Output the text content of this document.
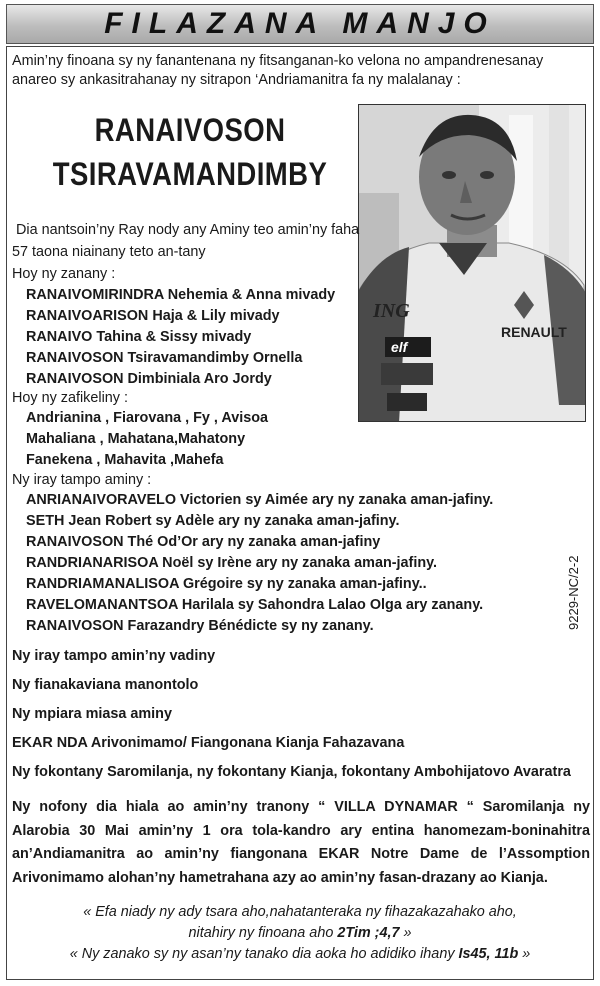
FILAZANA MANJO
Amin’ny finoana sy ny fanantenana ny fitsanganan-ko velona no ampandrenesanay anareo sy ankasitrahanay ny sitrapon ‘Andriamanitra fa ny malalanay :
RANAIVOSON
TSIRAVAMANDIMBY
ING
elf
RENAULT
Dia nantsoin’ny Ray nody any Aminy teo amin’ny faha
57 taona niainany teto an-tany
Hoy ny zanany :
RANAIVOMIRINDRA Nehemia & Anna mivady
RANAIVOARISON Haja & Lily mivady
RANAIVO Tahina & Sissy mivady
RANAIVOSON Tsiravamandimby Ornella
RANAIVOSON Dimbiniala Aro Jordy
Hoy ny zafikeliny :
Andrianina , Fiarovana , Fy , Avisoa
Mahaliana , Mahatana,Mahatony
Fanekena , Mahavita ,Mahefa
Ny iray tampo aminy :
ANRIANAIVORAVELO Victorien sy Aimée ary ny zanaka aman-jafiny.
SETH Jean Robert sy Adèle ary ny zanaka aman-jafiny.
RANAIVOSON Thé Od’Or ary ny zanaka aman-jafiny
RANDRIANARISOA Noël sy Irène ary ny zanaka aman-jafiny.
RANDRIAMANALISOA Grégoire sy ny zanaka aman-jafiny..
RAVELOMANANTSOA Harilala sy Sahondra Lalao Olga ary zanany.
RANAIVOSON Farazandry Bénédicte sy ny zanany.
Ny iray tampo amin’ny vadiny
Ny fianakaviana manontolo
Ny mpiara miasa aminy
EKAR NDA Arivonimamo/ Fiangonana Kianja Fahazavana
Ny fokontany Saromilanja, ny fokontany Kianja, fokontany Ambohijatovo Avaratra
Ny nofony dia hiala ao amin’ny tranony “ VILLA DYNAMAR “ Saromilanja ny Alarobia 30 Mai amin’ny 1 ora tola-kandro ary entina hanomezam-boninahitra an’Andiamanitra ao amin’ny fiangonana EKAR Notre Dame de l’Assomption Arivonimamo alohan’ny hametrahana azy ao amin’ny fasan-drazany ao Kianja.
« Efa niady ny ady tsara aho,nahatanteraka ny fihazakazahako aho,
nitahiry ny finoana aho 2Tim ;4,7 »
« Ny zanako sy ny asan’ny tanako dia aoka ho adidiko ihany Is45, 11b »
9229-NC/2-2
